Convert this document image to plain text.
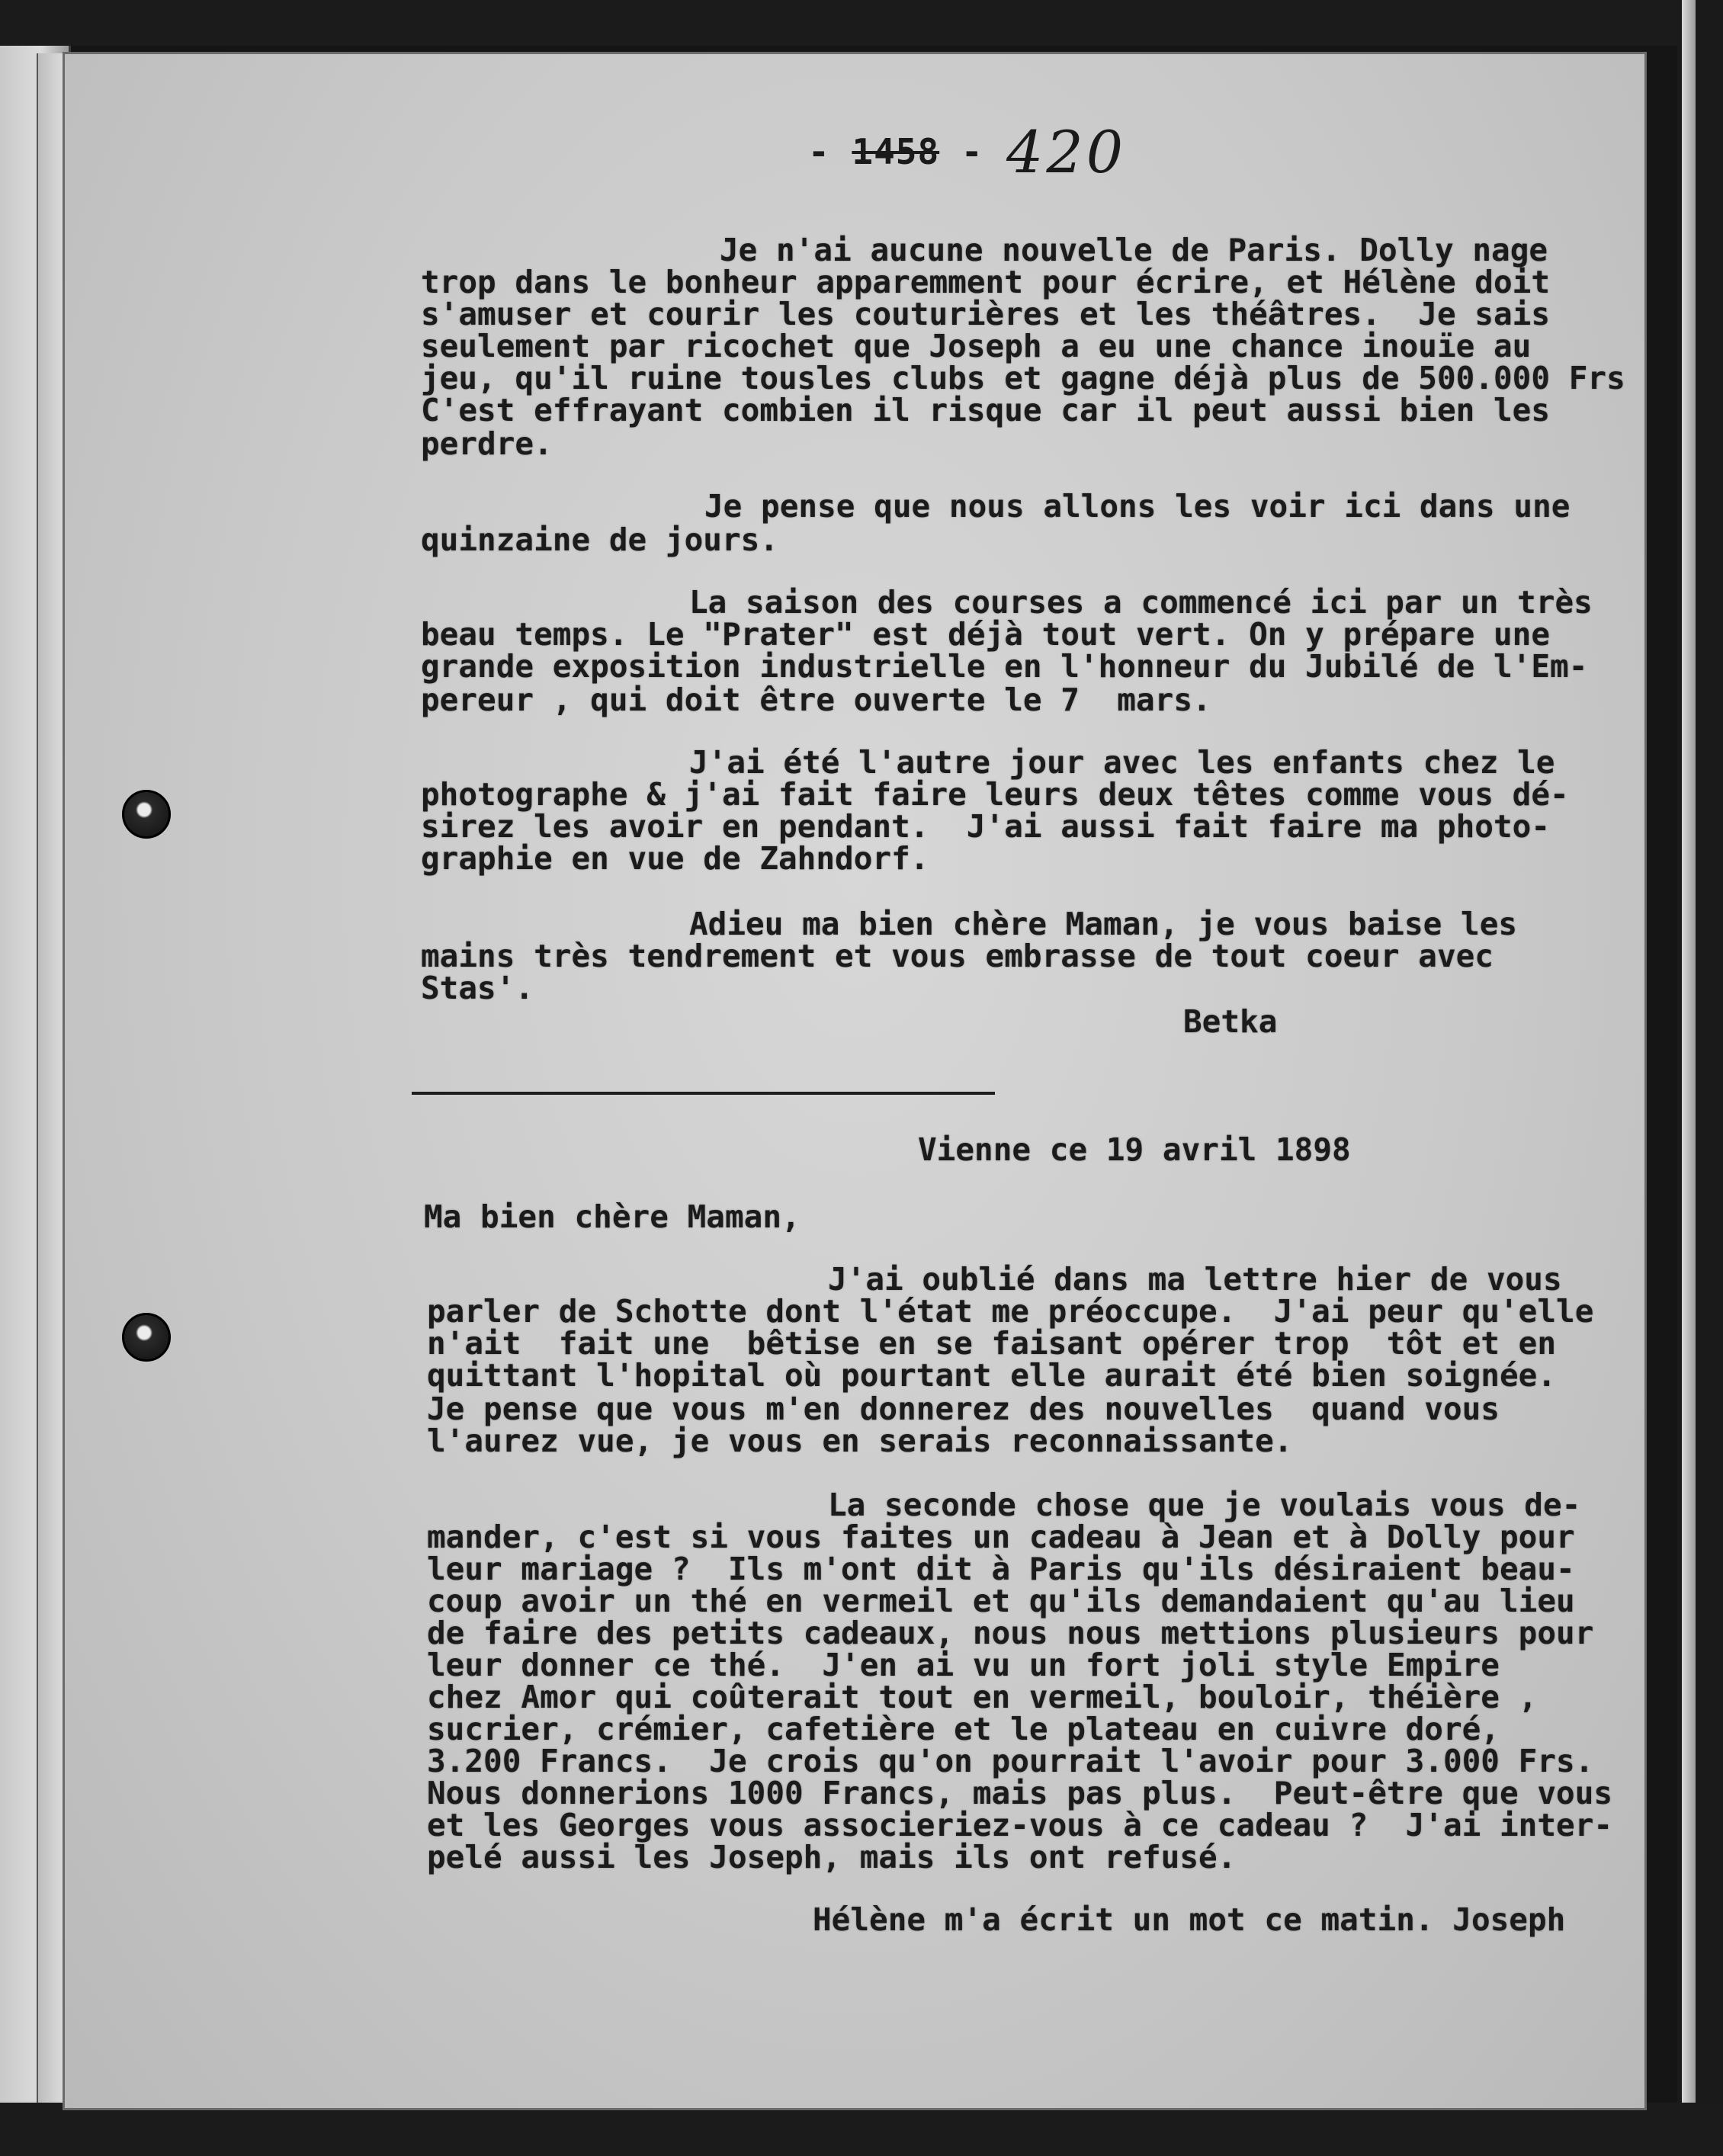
- 1458 - 420
Je n'ai aucune nouvelle de Paris. Dolly nage
trop dans le bonheur apparemment pour écrire, et Hélène doit
s'amuser et courir les couturières et les théâtres.  Je sais
seulement par ricochet que Joseph a eu une chance inouïe au
jeu, qu'il ruine tousles clubs et gagne déjà plus de 500.000 Frs
C'est effrayant combien il risque car il peut aussi bien les
perdre.
Je pense que nous allons les voir ici dans une
quinzaine de jours.
La saison des courses a commencé ici par un très
beau temps. Le "Prater" est déjà tout vert. On y prépare une
grande exposition industrielle en l'honneur du Jubilé de l'Em-
pereur , qui doit être ouverte le 7  mars.
J'ai été l'autre jour avec les enfants chez le
photographe & j'ai fait faire leurs deux têtes comme vous dé-
sirez les avoir en pendant.  J'ai aussi fait faire ma photo-
graphie en vue de Zahndorf.
Adieu ma bien chère Maman, je vous baise les
mains très tendrement et vous embrasse de tout coeur avec
Stas'.
Betka
Vienne ce 19 avril 1898
Ma bien chère Maman,
J'ai oublié dans ma lettre hier de vous
parler de Schotte dont l'état me préoccupe.  J'ai peur qu'elle
n'ait  fait une  bêtise en se faisant opérer trop  tôt et en
quittant l'hopital où pourtant elle aurait été bien soignée.
Je pense que vous m'en donnerez des nouvelles  quand vous
l'aurez vue, je vous en serais reconnaissante.
La seconde chose que je voulais vous de-
mander, c'est si vous faites un cadeau à Jean et à Dolly pour
leur mariage ?  Ils m'ont dit à Paris qu'ils désiraient beau-
coup avoir un thé en vermeil et qu'ils demandaient qu'au lieu
de faire des petits cadeaux, nous nous mettions plusieurs pour
leur donner ce thé.  J'en ai vu un fort joli style Empire
chez Amor qui coûterait tout en vermeil, bouloir, théière ,
sucrier, crémier, cafetière et le plateau en cuivre doré,
3.200 Francs.  Je crois qu'on pourrait l'avoir pour 3.000 Frs.
Nous donnerions 1000 Francs, mais pas plus.  Peut-être que vous
et les Georges vous associeriez-vous à ce cadeau ?  J'ai inter-
pelé aussi les Joseph, mais ils ont refusé.
Hélène m'a écrit un mot ce matin. Joseph
